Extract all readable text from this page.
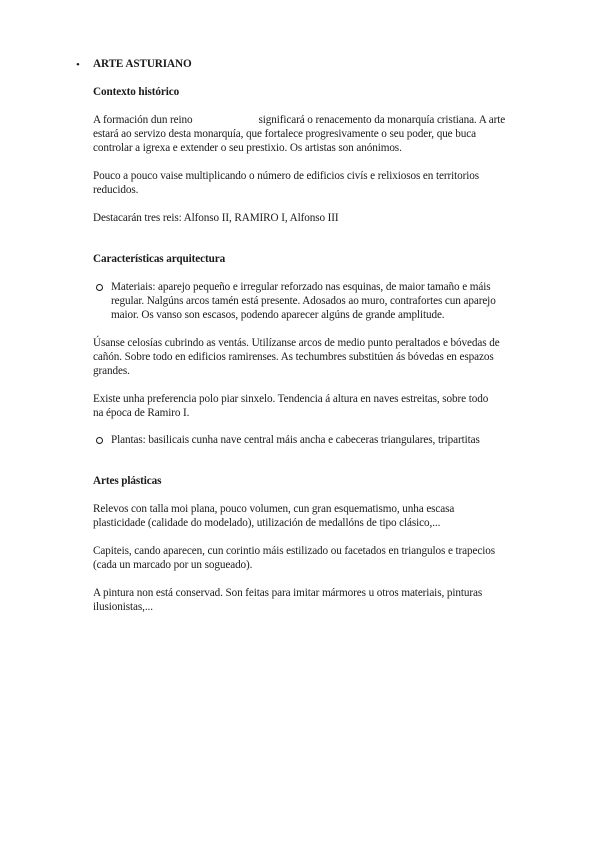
• ARTE ASTURIANO
Contexto histórico
A formación dun reino	significará o renacemento da monarquía cristiana. A arte
estará ao servizo desta monarquía, que fortalece progresivamente o seu poder, que buca
controlar a igrexa e extender o seu prestixio. Os artistas son anónimos.
Pouco a pouco vaise multiplicando o número de edificios civís e relixiosos en territorios
reducidos.
Destacarán tres reis: Alfonso II, RAMIRO I, Alfonso III
Características arquitectura
Materiais: aparejo pequeño e irregular reforzado nas esquinas, de maior tamaño e máis
regular. Nalgúns arcos tamén está presente. Adosados ao muro, contrafortes cun aparejo
maior. Os vanso son escasos, podendo aparecer algúns de grande amplitude.
Úsanse celosías cubrindo as ventás. Utilízanse arcos de medio punto peraltados e bóvedas de
cañón. Sobre todo en edificios ramirenses. As techumbres substitúen ás bóvedas en espazos
grandes.
Existe unha preferencia polo piar sinxelo. Tendencia á altura en naves estreitas, sobre todo
na época de Ramiro I.
Plantas: basilicais cunha nave central máis ancha e cabeceras triangulares, tripartitas
Artes plásticas
Relevos con talla moi plana, pouco volumen, cun gran esquematismo, unha escasa
plasticidade (calidade do modelado), utilización de medallóns de tipo clásico,...
Capiteis, cando aparecen, cun corintio máis estilizado ou facetados en triangulos e trapecios
(cada un marcado por un sogueado).
A pintura non está conservad. Son feitas para imitar mármores u otros materiais, pinturas
ilusionistas,...
